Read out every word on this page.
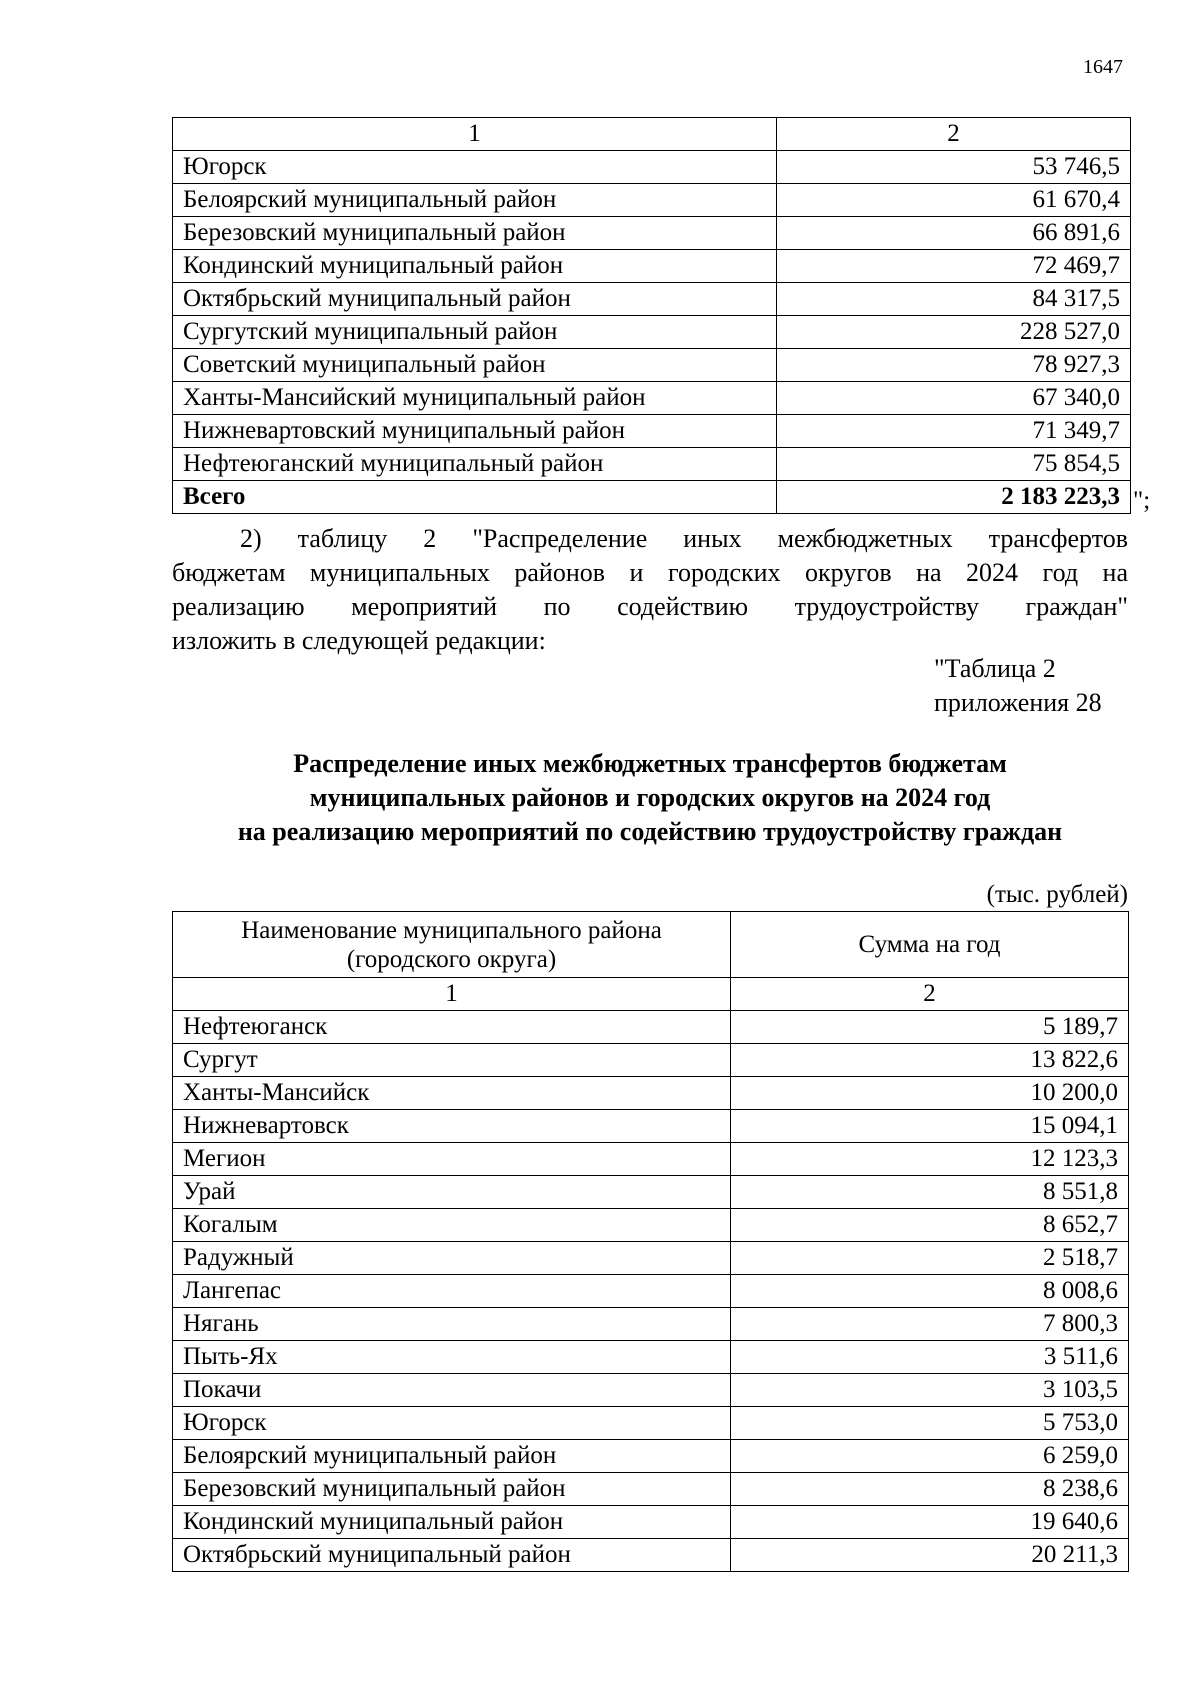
1647
1	2
Югорск	53 746,5
Белоярский муниципальный район	61 670,4
Березовский муниципальный район	66 891,6
Кондинский муниципальный район	72 469,7
Октябрьский муниципальный район	84 317,5
Сургутский муниципальный район	228 527,0
Советский муниципальный район	78 927,3
Ханты-Мансийский муниципальный район	67 340,0
Нижневартовский муниципальный район	71 349,7
Нефтеюганский муниципальный район	75 854,5
Всего	2 183 223,3 ";
2) таблицу 2 "Распределение иных межбюджетных трансфертов
бюджетам муниципальных районов и городских округов на 2024 год на
реализацию мероприятий по содействию трудоустройству граждан"
изложить в следующей редакции:
"Таблица 2
приложения 28
Распределение иных межбюджетных трансфертов бюджетам
муниципальных районов и городских округов на 2024 год
на реализацию мероприятий по содействию трудоустройству граждан
(тыс. рублей)
Наименование муниципального района
(городского округа)	Сумма на год
1	2
Нефтеюганск	5 189,7
Сургут	13 822,6
Ханты-Мансийск	10 200,0
Нижневартовск	15 094,1
Мегион	12 123,3
Урай	8 551,8
Когалым	8 652,7
Радужный	2 518,7
Лангепас	8 008,6
Нягань	7 800,3
Пыть-Ях	3 511,6
Покачи	3 103,5
Югорск	5 753,0
Белоярский муниципальный район	6 259,0
Березовский муниципальный район	8 238,6
Кондинский муниципальный район	19 640,6
Октябрьский муниципальный район	20 211,3
